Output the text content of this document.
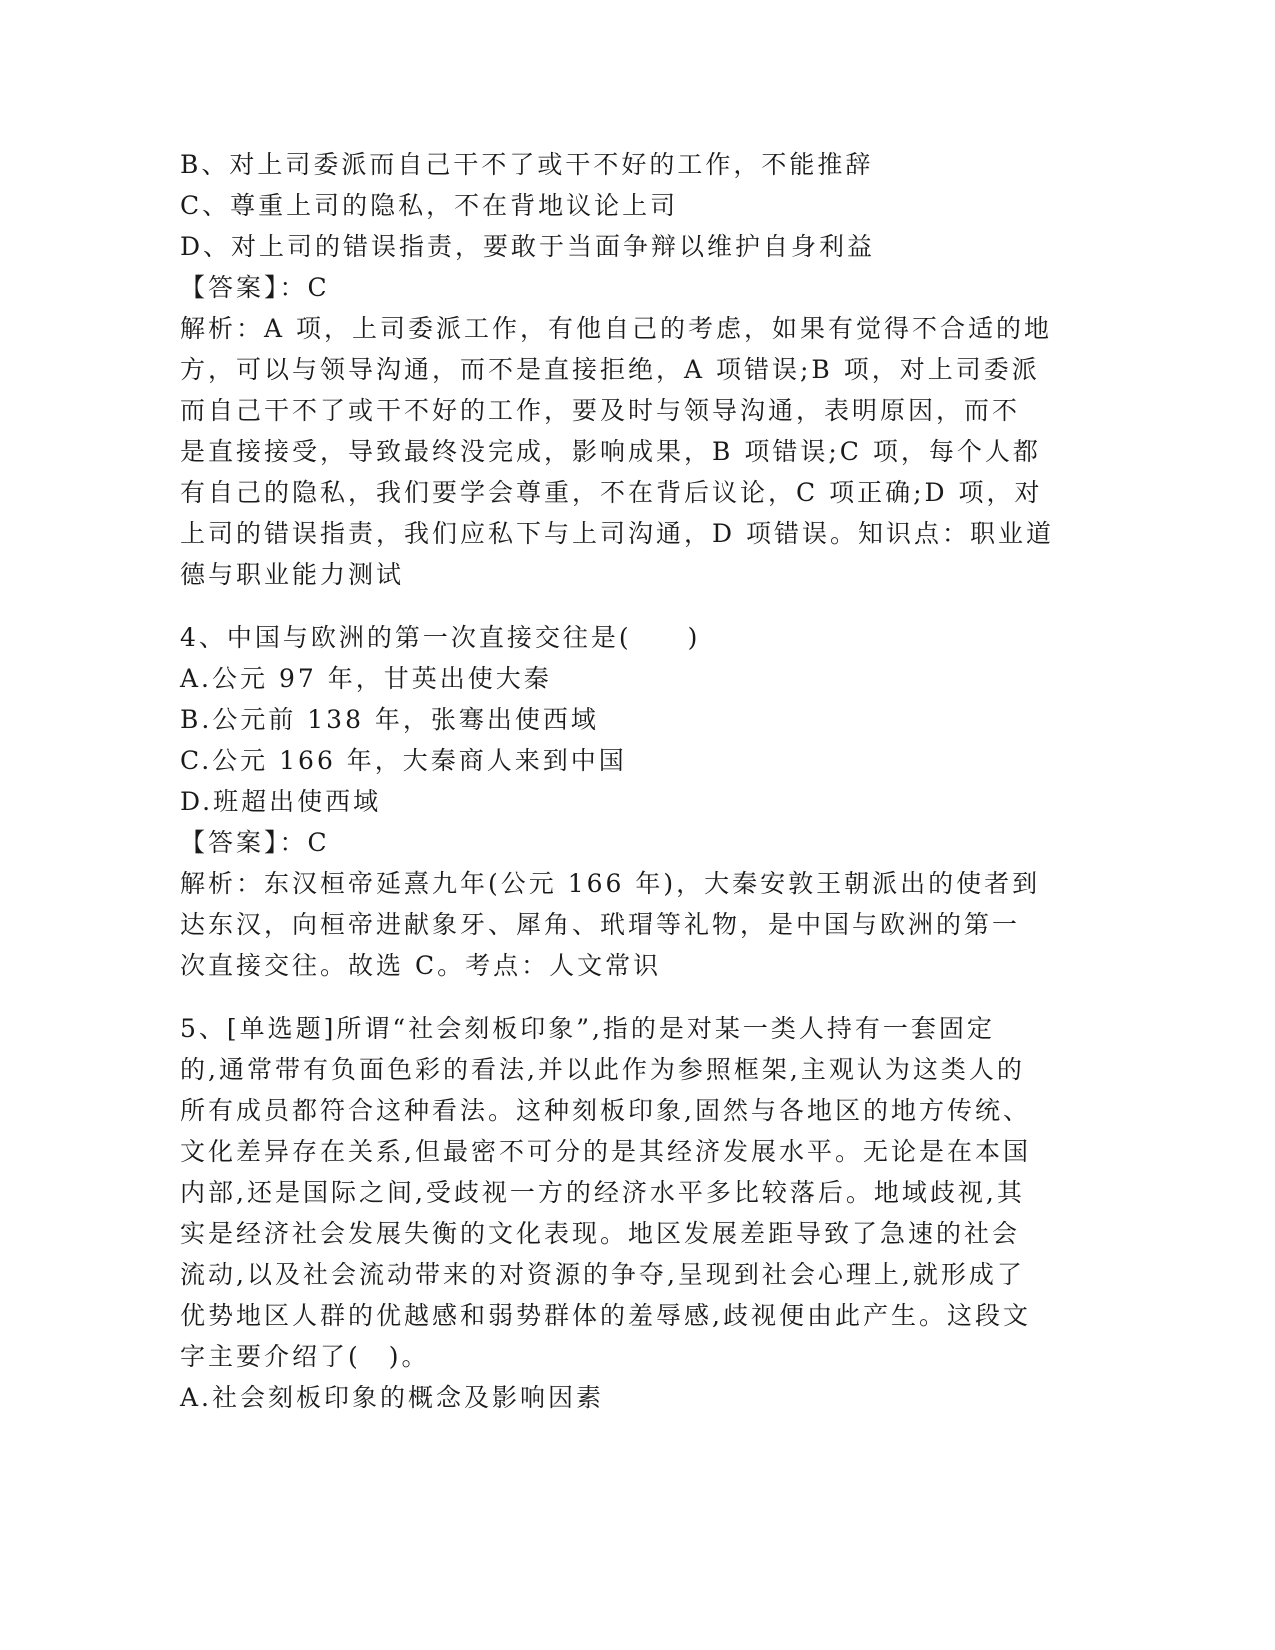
B、对上司委派而自己干不了或干不好的工作，不能推辞
C、尊重上司的隐私，不在背地议论上司
D、对上司的错误指责，要敢于当面争辩以维护自身利益
【答案】：C
解析：A 项，上司委派工作，有他自己的考虑，如果有觉得不合适的地
方，可以与领导沟通，而不是直接拒绝，A 项错误;B 项，对上司委派
而自己干不了或干不好的工作，要及时与领导沟通，表明原因，而不
是直接接受，导致最终没完成，影响成果，B 项错误;C 项，每个人都
有自己的隐私，我们要学会尊重，不在背后议论，C 项正确;D 项，对
上司的错误指责，我们应私下与上司沟通，D 项错误。知识点：职业道
德与职业能力测试
4、中国与欧洲的第一次直接交往是(　　)
A.公元 97 年，甘英出使大秦
B.公元前 138 年，张骞出使西域
C.公元 166 年，大秦商人来到中国
D.班超出使西域
【答案】：C
解析：东汉桓帝延熹九年(公元 166 年)，大秦安敦王朝派出的使者到
达东汉，向桓帝进献象牙、犀角、玳瑁等礼物，是中国与欧洲的第一
次直接交往。故选 C。考点：人文常识
5、[单选题]所谓“社会刻板印象”,指的是对某一类人持有一套固定
的,通常带有负面色彩的看法,并以此作为参照框架,主观认为这类人的
所有成员都符合这种看法。这种刻板印象,固然与各地区的地方传统、
文化差异存在关系,但最密不可分的是其经济发展水平。无论是在本国
内部,还是国际之间,受歧视一方的经济水平多比较落后。地域歧视,其
实是经济社会发展失衡的文化表现。地区发展差距导致了急速的社会
流动,以及社会流动带来的对资源的争夺,呈现到社会心理上,就形成了
优势地区人群的优越感和弱势群体的羞辱感,歧视便由此产生。这段文
字主要介绍了(　)。
A.社会刻板印象的概念及影响因素
